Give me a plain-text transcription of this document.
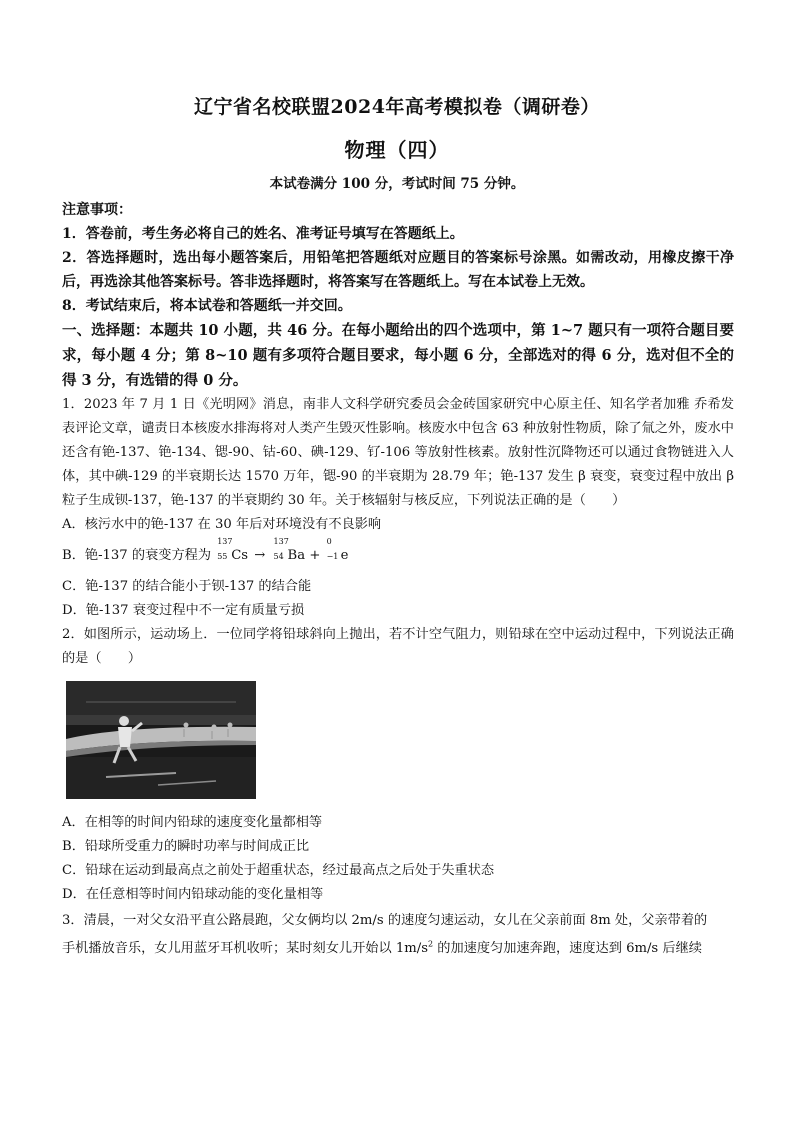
辽宁省名校联盟2024年高考模拟卷（调研卷）
物理（四）
本试卷满分 100 分，考试时间 75 分钟。
注意事项：

1．答卷前，考生务必将自己的姓名、准考证号填写在答题纸上。

2．答选择题时，选出每小题答案后，用铅笔把答题纸对应题目的答案标号涂黑。如需改动，用橡皮擦干净后，再选涂其他答案标号。答非选择题时，将答案写在答题纸上。写在本试卷上无效。

8．考试结束后，将本试卷和答题纸一并交回。

一、选择题：本题共 10 小题，共 46 分。在每小题给出的四个选项中，第 1~7 题只有一项符合题目要求，每小题 4 分；第 8~10 题有多项符合题目要求，每小题 6 分，全部选对的得 6 分，选对但不全的得 3 分，有选错的得 0 分。

1．2023 年 7 月 1 日《光明网》消息，南非人文科学研究委员会金砖国家研究中心原主任、知名学者加雅 乔希发表评论文章，谴责日本核废水排海将对人类产生毁灭性影响。核废水中包含 63 种放射性物质，除了氚之外，废水中还含有铯-137、铯-134、锶-90、钴-60、碘-129、钌-106 等放射性核素。放射性沉降物还可以通过食物链进入人体，其中碘-129 的半衰期长达 1570 万年，锶-90 的半衰期为 28.79 年；铯-137 发生 β 衰变，衰变过程中放出 β 粒子生成钡-137，铯-137 的半衰期约 30 年。关于核辐射与核反应，下列说法正确的是（　　）

A．核污水中的铯-137 在 30 年后对环境没有不良影响

B．铯-137 的衰变方程为
137
55 Cs →
137
54 Ba +
0
−1 e

C．铯-137 的结合能小于钡-137 的结合能

D．铯-137 衰变过程中不一定有质量亏损

2．如图所示，运动场上．一位同学将铅球斜向上抛出，若不计空气阻力，则铅球在空中运动过程中，下列说法正确的是（　　）

A．在相等的时间内铅球的速度变化量都相等

B．铅球所受重力的瞬时功率与时间成正比

C．铅球在运动到最高点之前处于超重状态，经过最高点之后处于失重状态

D．在任意相等时间内铅球动能的变化量相等

3．清晨，一对父女沿平直公路晨跑，父女俩均以 2m/s 的速度匀速运动，女儿在父亲前面 8m 处，父亲带着的

手机播放音乐，女儿用蓝牙耳机收听；某时刻女儿开始以 $1m/s^2$ 的加速度匀加速奔跑，速度达到 6m/s 后继续
